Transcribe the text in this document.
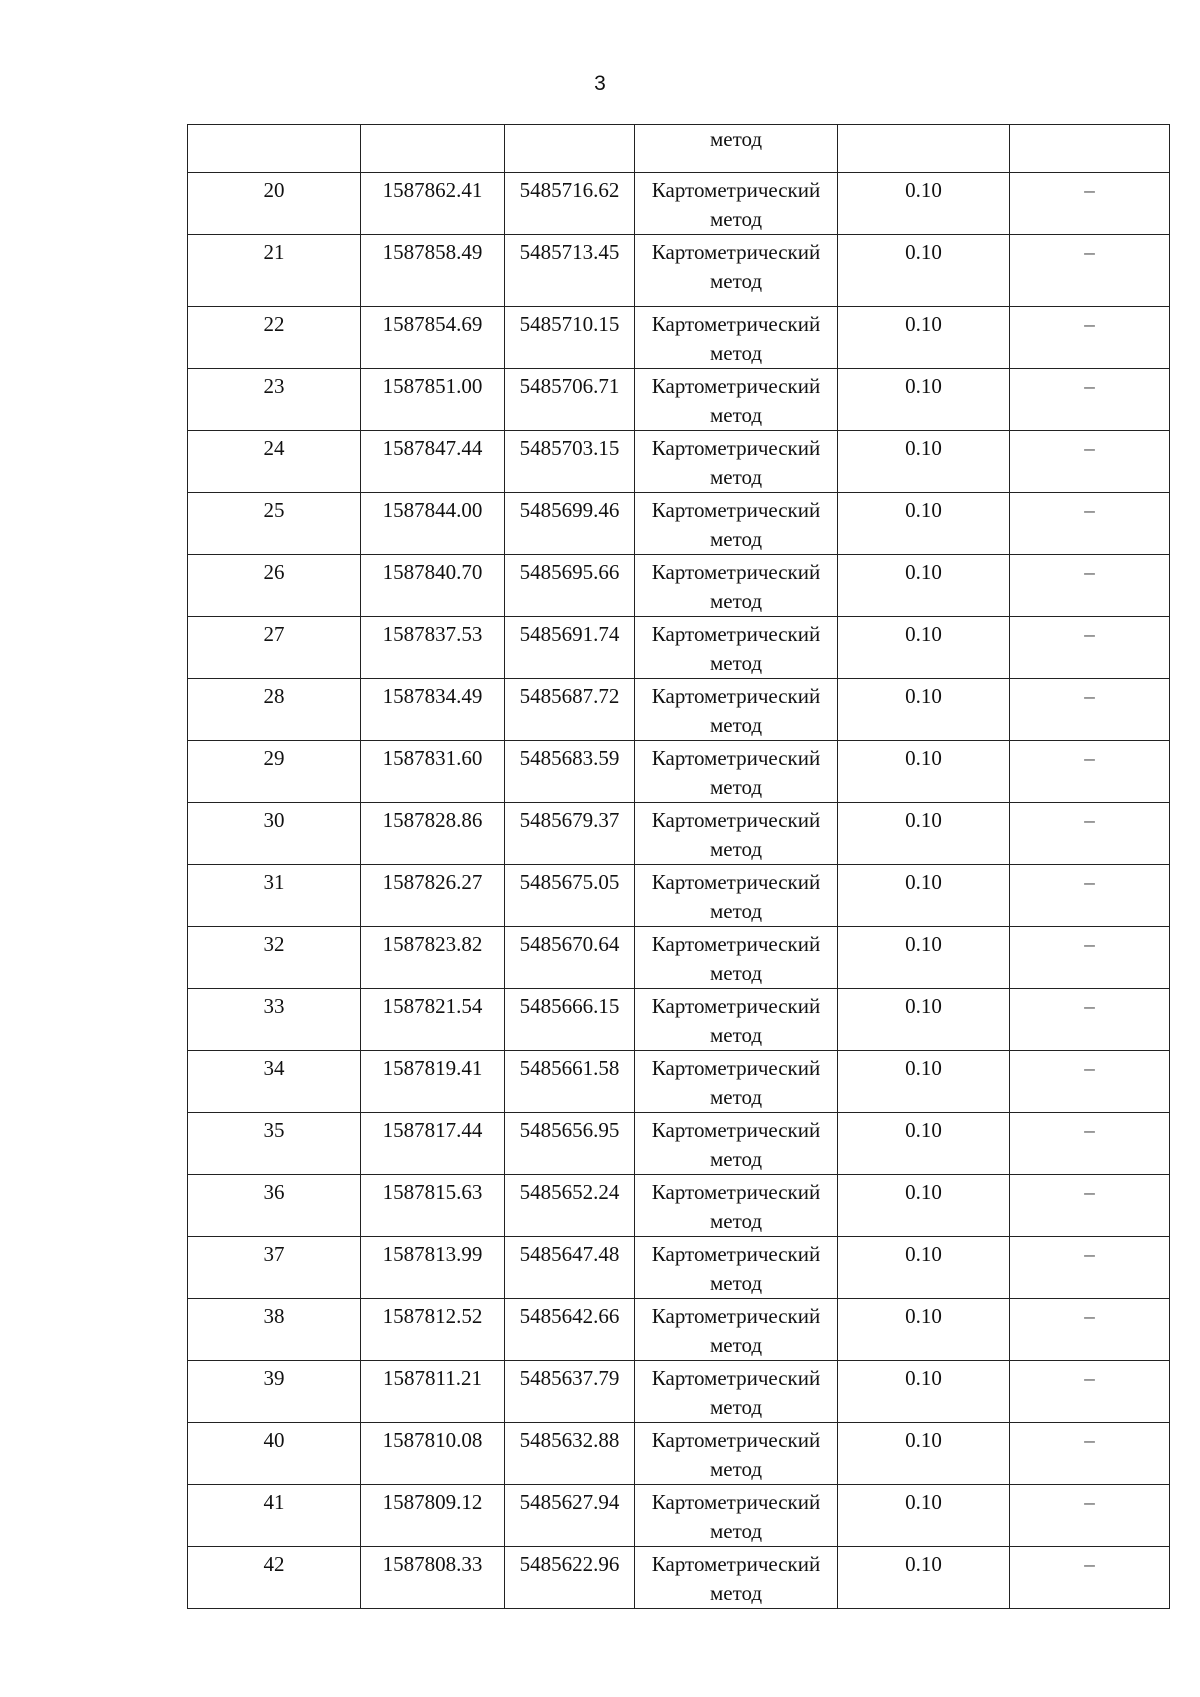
3
			метод		
20	1587862.41	5485716.62	Картометрический
метод	0.10	–
21	1587858.49	5485713.45	Картометрический
метод	0.10	–
22	1587854.69	5485710.15	Картометрический
метод	0.10	–
23	1587851.00	5485706.71	Картометрический
метод	0.10	–
24	1587847.44	5485703.15	Картометрический
метод	0.10	–
25	1587844.00	5485699.46	Картометрический
метод	0.10	–
26	1587840.70	5485695.66	Картометрический
метод	0.10	–
27	1587837.53	5485691.74	Картометрический
метод	0.10	–
28	1587834.49	5485687.72	Картометрический
метод	0.10	–
29	1587831.60	5485683.59	Картометрический
метод	0.10	–
30	1587828.86	5485679.37	Картометрический
метод	0.10	–
31	1587826.27	5485675.05	Картометрический
метод	0.10	–
32	1587823.82	5485670.64	Картометрический
метод	0.10	–
33	1587821.54	5485666.15	Картометрический
метод	0.10	–
34	1587819.41	5485661.58	Картометрический
метод	0.10	–
35	1587817.44	5485656.95	Картометрический
метод	0.10	–
36	1587815.63	5485652.24	Картометрический
метод	0.10	–
37	1587813.99	5485647.48	Картометрический
метод	0.10	–
38	1587812.52	5485642.66	Картометрический
метод	0.10	–
39	1587811.21	5485637.79	Картометрический
метод	0.10	–
40	1587810.08	5485632.88	Картометрический
метод	0.10	–
41	1587809.12	5485627.94	Картометрический
метод	0.10	–
42	1587808.33	5485622.96	Картометрический
метод	0.10	–
